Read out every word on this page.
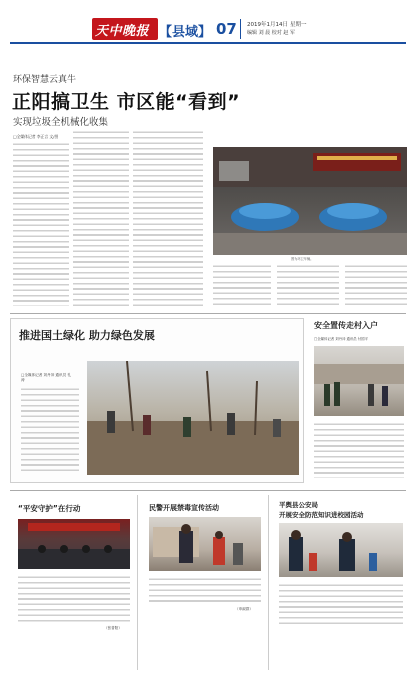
天中晚报 【县域】 07 2019年1月14日 星期一
编辑 刘 晨 校对 赵 军
环保智慧云真牛
正阳搞卫生 市区能“看到”
实现垃圾全机械化收集
□全媒体记者 李正言 文/图
图为环卫车辆。
推进国土绿化 助力绿色发展
□全媒体记者 刘丹冲 通讯员 孔 涛
安全置传走村入户
□全媒体记者 刘丹冲 通讯员 付国平
“平安守护”在行动
（张普阳）
民警开展禁毒宣传活动
（申淑群）
平舆县公安局
开展安全防范知识进校园活动
